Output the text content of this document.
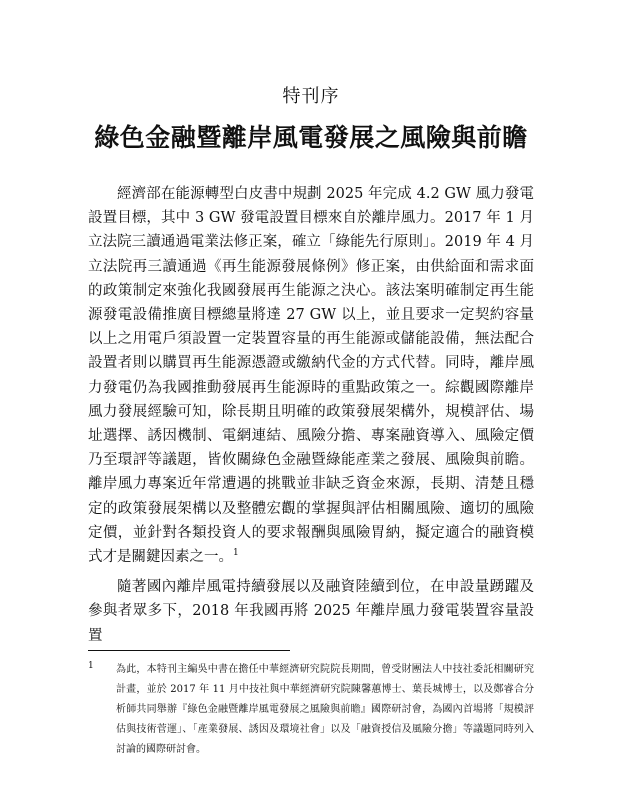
特刊序
綠色金融暨離岸風電發展之風險與前瞻

經濟部在能源轉型白皮書中規劃 2025 年完成 4.2 GW 風力發電設置目標，其中 3 GW 發電設置目標來自於離岸風力。2017 年 1 月立法院三讀通過電業法修正案，確立「綠能先行原則」。2019 年 4 月立法院再三讀通過《再生能源發展條例》修正案，由供給面和需求面的政策制定來強化我國發展再生能源之決心。該法案明確制定再生能源發電設備推廣目標總量將達 27 GW 以上，並且要求一定契約容量以上之用電戶須設置一定裝置容量的再生能源或儲能設備，無法配合設置者則以購買再生能源憑證或繳納代金的方式代替。同時，離岸風力發電仍為我國推動發展再生能源時的重點政策之一。綜觀國際離岸風力發展經驗可知，除長期且明確的政策發展架構外，規模評估、場址選擇、誘因機制、電網連結、風險分擔、專案融資導入、風險定價乃至環評等議題，皆攸關綠色金融暨綠能產業之發展、風險與前瞻。離岸風力專案近年常遭遇的挑戰並非缺乏資金來源，長期、清楚且穩定的政策發展架構以及整體宏觀的掌握與評估相關風險、適切的風險定價，並針對各類投資人的要求報酬與風險胃納，擬定適合的融資模式才是關鍵因素之一。$^1$

隨著國內離岸風電持續發展以及融資陸續到位，在申設量踴躍及參與者眾多下，2018 年我國再將 2025 年離岸風力發電裝置容量設置

1	為此，本特刊主編吳中書在擔任中華經濟研究院院長期間，曾受財團法人中技社委託相關研究計畫，並於 2017 年 11 月中技社與中華經濟研究院陳馨蕙博士、葉長城博士，以及鄭睿合分析師共同舉辦『綠色金融暨離岸風電發展之風險與前瞻』國際研討會，為國內首場將「規模評估與技術菅運」、「產業發展、誘因及環境社會」以及「融資授信及風險分擔」等議題同時列入討論的國際研討會。
